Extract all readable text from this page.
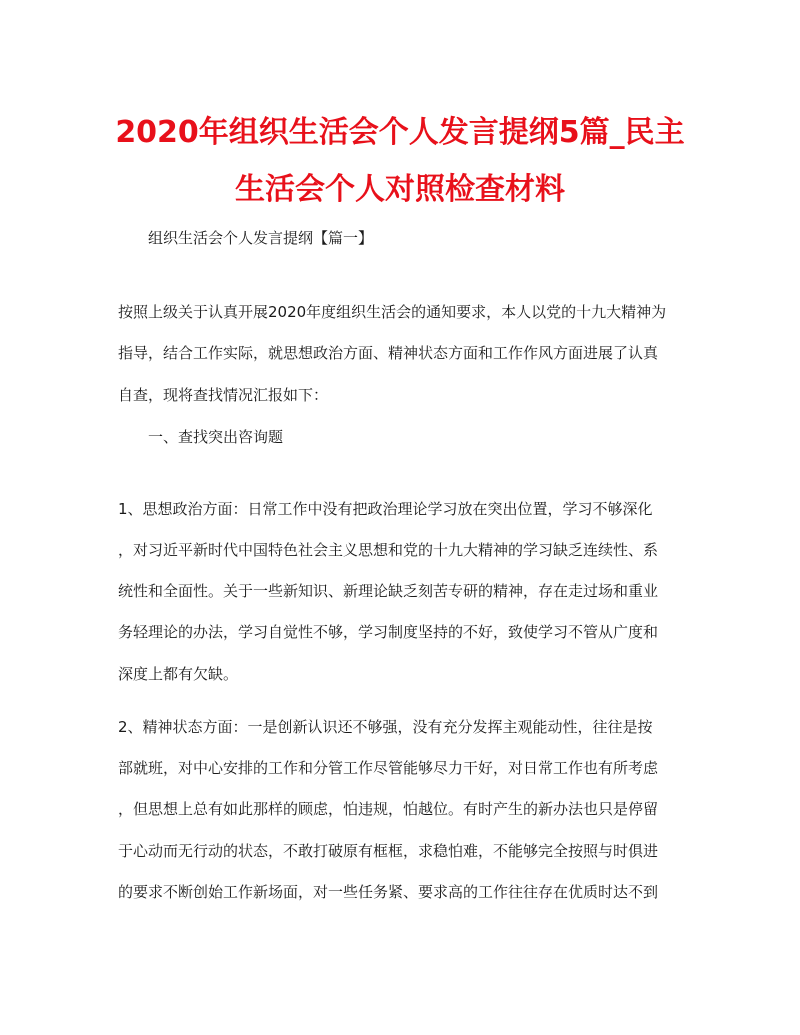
2020年组织生活会个人发言提纲5篇_民主
生活会个人对照检查材料
组织生活会个人发言提纲【篇一】
按照上级关于认真开展2020年度组织生活会的通知要求，本人以党的十九大精神为
指导，结合工作实际，就思想政治方面、精神状态方面和工作作风方面进展了认真
自查，现将查找情况汇报如下：
一、查找突出咨询题
1、思想政治方面：日常工作中没有把政治理论学习放在突出位置，学习不够深化
，对习近平新时代中国特色社会主义思想和党的十九大精神的学习缺乏连续性、系
统性和全面性。关于一些新知识、新理论缺乏刻苦专研的精神，存在走过场和重业
务轻理论的办法，学习自觉性不够，学习制度坚持的不好，致使学习不管从广度和
深度上都有欠缺。
2、精神状态方面：一是创新认识还不够强，没有充分发挥主观能动性，往往是按
部就班，对中心安排的工作和分管工作尽管能够尽力干好，对日常工作也有所考虑
，但思想上总有如此那样的顾虑，怕违规，怕越位。有时产生的新办法也只是停留
于心动而无行动的状态，不敢打破原有框框，求稳怕难，不能够完全按照与时俱进
的要求不断创始工作新场面，对一些任务紧、要求高的工作往往存在优质时达不到
